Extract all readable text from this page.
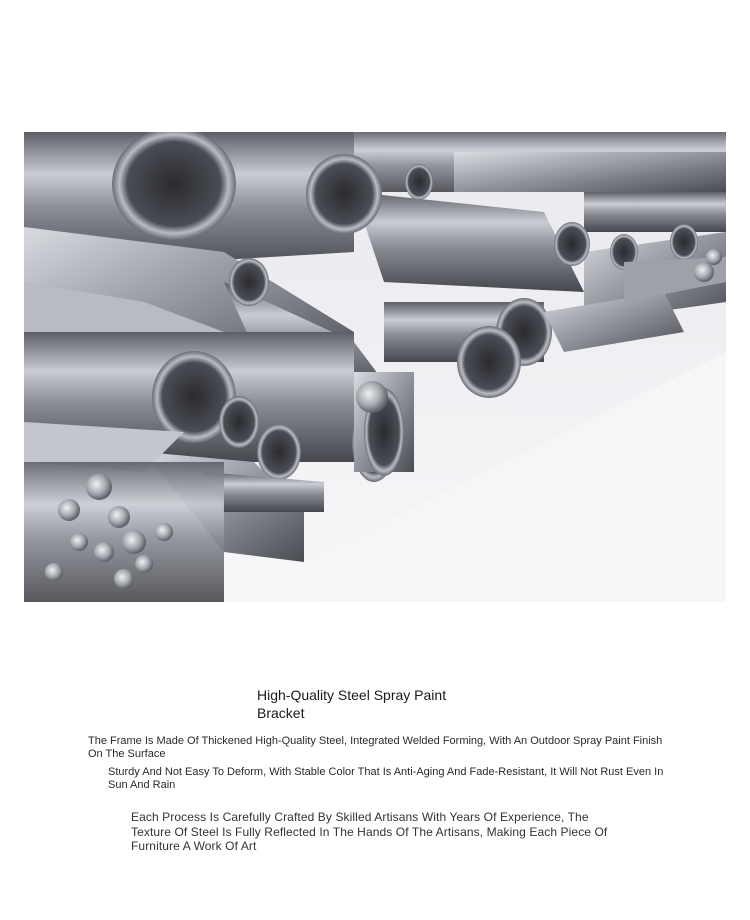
High-Quality Steel Spray Paint Bracket
The Frame Is Made Of Thickened High-Quality Steel, Integrated Welded Forming, With An Outdoor Spray Paint Finish On The Surface
Sturdy And Not Easy To Deform, With Stable Color That Is Anti-Aging And Fade-Resistant, It Will Not Rust Even In Sun And Rain
Each Process Is Carefully Crafted By Skilled Artisans With Years Of Experience, The Texture Of Steel Is Fully Reflected In The Hands Of The Artisans, Making Each Piece Of Furniture A Work Of Art
